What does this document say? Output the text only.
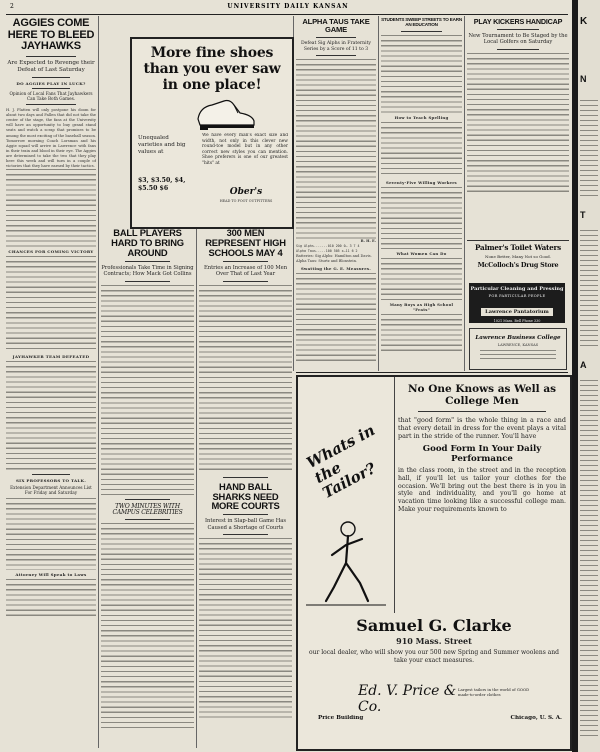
2	UNIVERSITY DAILY KANSAN
AGGIES COME HERE TO BLEED JAYHAWKS
Are Expected to Revenge their Defeat of Last Saturday
DO AGGIES PLAY IN LUCK?
Opinion of Local Fans That Jayhawkers Can Take Both Games.
H. J. Platten will only postpone his doom for about two days and Fallen that did not take the center of the stage, the fans at the University will have an opportunity to buy grand stand seats and watch a scrap that promises to be among the most exciting of the baseball season. Tomorrow morning Coach Lorsman and his Aggie squad will arrive in Lawrence with fans in their train and blood in their eye. The Aggies are determined to take the two that they play here this week and will turn in a couple of victories that they have earned by their tactics.
CHANCES FOR COMING VICTORY
JAYHAWKER TEAM DEFEATED
SIX PROFESSORS TO TALK.
Extension Department Announces List For Friday and Saturday
Attorney Will Speak to Laws
More fine shoes than you ever saw in one place!
Unequaled varieties and big values at
$3, $3.50, $4, $5.50 $6
We have every man's exact size and width, not only in this clever new round-toe model but in any other correct new styles you can mention. Shoe preferers is one of our greatest "hits" at
Ober's
HEAD TO FOOT OUTFITTERS
BALL PLAYERS HARD TO BRING AROUND
Professionals Take Time in Signing Contracts; How Mack Got Collins
TWO MINUTES WITH CAMPUS CELEBRITIES
300 MEN REPRESENT HIGH SCHOOLS MAY 4
Entries an Increase of 100 Men Over That of Last Year
HAND BALL SHARKS NEED MORE COURTS
Interest in Slap-ball Game Has Caused a Shortage of Courts
ALPHA TAUS TAKE GAME
Defeat Sig Alphs in Fraternity Series by a Score of 11 to 3
R. H. E.
Sig Alphs.......010 200 0— 3 7 4
Alpha Taus.....100 505 x—11 6 2
Batteries: Sig Alphs: Hamilton and Davis. Alpha Taus: Sturtz and Blonstein.
Swatting the G. E. Measures.
STUDENTS SWEEP STREETS TO EARN AN EDUCATION
How to Teach Spelling
Seventy-Five Willing Workers
What Women Can Do
Many Boys as High School "Frats"
PLAY KICKERS HANDICAP
New Tournament to Be Staged by the Local Golfers on Saturday
Palmer's Toilet Waters
None Better, Many Not so Good.
McColloch's Drug Store
Particular Cleaning and Pressing
FOR PARTICULAR PEOPLE
Lawrence Pantatorium
1021 Mass. Bell Phone 330
Lawrence Business College
LAWRENCE, KANSAS
Whats in the Tailor?
No One Knows as Well as College Men
that "good form" is the whole thing in a race and that every detail in dress for the event plays a vital part in the stride of the runner. You'll have
Good Form In Your Daily Performance
in the class room, in the street and in the reception hall, if you'll let us tailor your clothes for the occasion. We'll bring out the best there is in you in style and individuality, and you'll go home at vacation time looking like a successful college man. Make your requirements known to
Samuel G. Clarke
910 Mass. Street
our local dealer, who will show you our 500 new Spring and Summer woolens and take your exact measures.
Ed. V. Price & Co.
Largest tailors in the world of GOOD made-to-order clothes
Price Building	Chicago, U. S. A.
K
N
T
A
